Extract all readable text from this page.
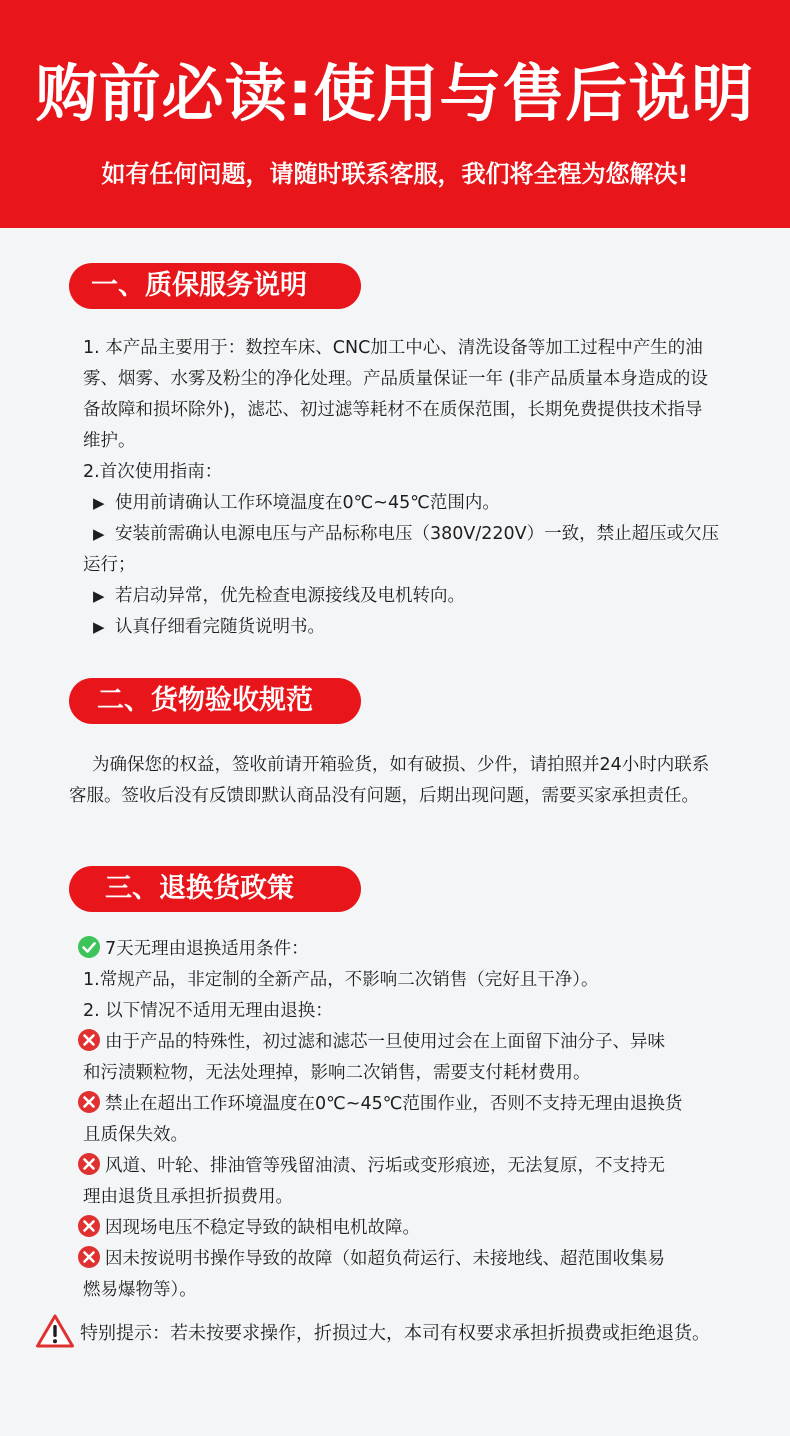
购前必读:使用与售后说明
如有任何问题，请随时联系客服，我们将全程为您解决!
一、质保服务说明
1. 本产品主要用于：数控车床、CNC加工中心、清洗设备等加工过程中产生的油
雾、烟雾、水雾及粉尘的净化处理。产品质量保证一年 (非产品质量本身造成的设
备故障和损坏除外)，滤芯、初过滤等耗材不在质保范围，长期免费提供技术指导
维护。
2.首次使用指南：
▶ 使用前请确认工作环境温度在0℃~45℃范围内。
▶ 安装前需确认电源电压与产品标称电压（380V/220V）一致，禁止超压或欠压
运行；
▶ 若启动异常，优先检查电源接线及电机转向。
▶ 认真仔细看完随货说明书。
二、货物验收规范
为确保您的权益，签收前请开箱验货，如有破损、少件，请拍照并24小时内联系
客服。签收后没有反馈即默认商品没有问题，后期出现问题，需要买家承担责任。
三、退换货政策
7天无理由退换适用条件：
1.常规产品，非定制的全新产品，不影响二次销售（完好且干净）。
2. 以下情况不适用无理由退换：
由于产品的特殊性，初过滤和滤芯一旦使用过会在上面留下油分子、异味
和污渍颗粒物，无法处理掉，影响二次销售，需要支付耗材费用。
禁止在超出工作环境温度在0℃~45℃范围作业，否则不支持无理由退换货
且质保失效。
风道、叶轮、排油管等残留油渍、污垢或变形痕迹，无法复原，不支持无
理由退货且承担折损费用。
因现场电压不稳定导致的缺相电机故障。
因未按说明书操作导致的故障（如超负荷运行、未接地线、超范围收集易
燃易爆物等）。
特别提示：若未按要求操作，折损过大，本司有权要求承担折损费或拒绝退货。
